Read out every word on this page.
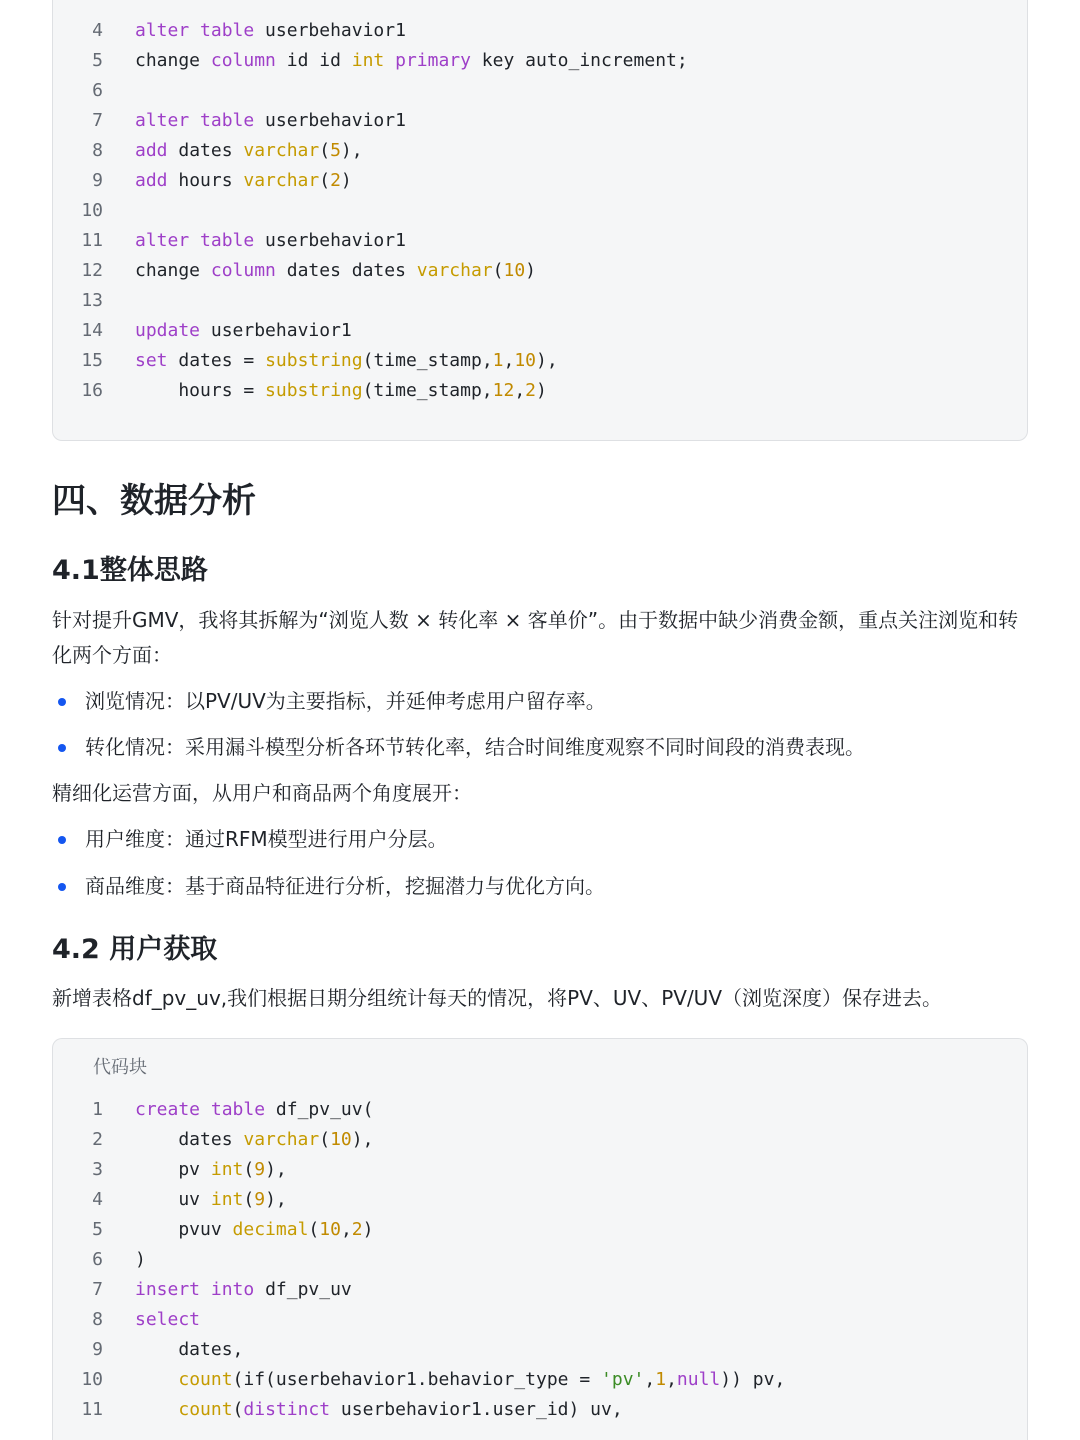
4 alter table userbehavior1
5 change column id id int primary key auto_increment;
6
7 alter table userbehavior1
8 add dates varchar(5),
9 add hours varchar(2)
10
11 alter table userbehavior1
12 change column dates dates varchar(10)
13
14 update userbehavior1
15 set dates = substring(time_stamp,1,10),
16 hours = substring(time_stamp,12,2)
四、数据分析
4.1整体思路

针对提升GMV，我将其拆解为“浏览人数 × 转化率 × 客单价”。由于数据中缺少消费金额，重点关注浏览和转化两个方面：

浏览情况：以PV/UV为主要指标，并延伸考虑用户留存率。
转化情况：采用漏斗模型分析各环节转化率，结合时间维度观察不同时间段的消费表现。

精细化运营方面，从用户和商品两个角度展开：

用户维度：通过RFM模型进行用户分层。
商品维度：基于商品特征进行分析，挖掘潜力与优化方向。
4.2 用户获取

新增表格df_pv_uv,我们根据日期分组统计每天的情况，将PV、UV、PV/UV（浏览深度）保存进去。

代码块
1 create table df_pv_uv(
2 dates varchar(10),
3 pv int(9),
4 uv int(9),
5 pvuv decimal(10,2)
6 )
7 insert into df_pv_uv
8 select
9 dates,
10	count(if(userbehavior1.behavior_type = 'pv',1,null)) pv,
11	count(distinct userbehavior1.user_id) uv,
